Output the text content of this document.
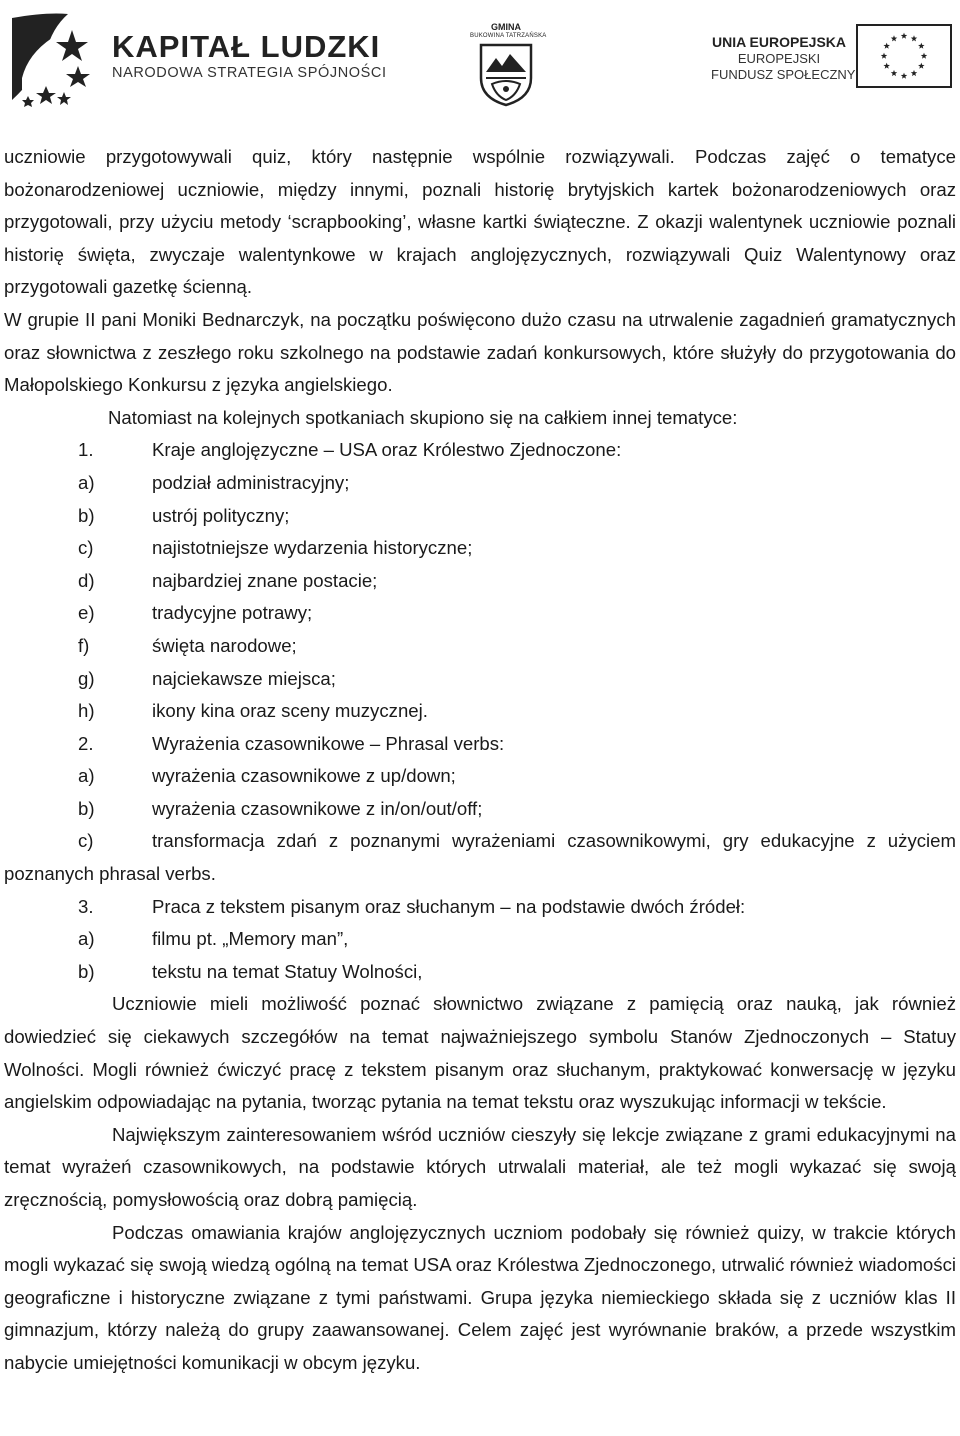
KAPITAŁ LUDZKI
NARODOWA STRATEGIA SPÓJNOŚCI
GMINA
BUKOWINA TATRZAŃSKA	UNIA EUROPEJSKA
EUROPEJSKI
FUNDUSZ SPOŁECZNY

uczniowie przygotowywali quiz, który następnie wspólnie rozwiązywali. Podczas zajęć o tematyce bożonarodzeniowej uczniowie, między innymi, poznali historię brytyjskich kartek bożonarodzeniowych oraz przygotowali, przy użyciu metody ‘scrapbooking’, własne kartki świąteczne. Z okazji walentynek uczniowie poznali historię święta, zwyczaje walentynkowe w krajach anglojęzycznych, rozwiązywali Quiz Walentynowy oraz przygotowali gazetkę ścienną.

W grupie II pani Moniki Bednarczyk, na początku poświęcono dużo czasu na utrwalenie zagadnień gramatycznych oraz słownictwa z zeszłego roku szkolnego na podstawie zadań konkursowych, które służyły do przygotowania do Małopolskiego Konkursu z języka angielskiego.

Natomiast na kolejnych spotkaniach skupiono się na całkiem innej tematyce:

1.	Kraje anglojęzyczne – USA oraz Królestwo Zjednoczone:

a)	podział administracyjny;

b)	ustrój polityczny;

c)	najistotniejsze wydarzenia historyczne;

d)	najbardziej znane postacie;

e)	tradycyjne potrawy;

f)	święta narodowe;

g)	najciekawsze miejsca;

h)	ikony kina oraz sceny muzycznej.

2.	Wyrażenia czasownikowe – Phrasal verbs:

a)	wyrażenia czasownikowe z up/down;

b)	wyrażenia czasownikowe z in/on/out/off;

c)	transformacja zdań z poznanymi wyrażeniami czasownikowymi, gry edukacyjne z użyciem poznanych phrasal verbs.

3.	Praca z tekstem pisanym oraz słuchanym – na podstawie dwóch źródeł:

a)	filmu pt. „Memory man”,

b)	tekstu na temat Statuy Wolności,

Uczniowie mieli możliwość poznać słownictwo związane z pamięcią oraz nauką, jak również dowiedzieć się ciekawych szczegółów na temat najważniejszego symbolu Stanów Zjednoczonych – Statuy Wolności. Mogli również ćwiczyć pracę z tekstem pisanym oraz słuchanym, praktykować konwersację w języku angielskim odpowiadając na pytania, tworząc pytania na temat tekstu oraz wyszukując informacji w tekście.

Największym zainteresowaniem wśród uczniów cieszyły się lekcje związane z grami edukacyjnymi na temat wyrażeń czasownikowych, na podstawie których utrwalali materiał, ale też mogli wykazać się swoją zręcznością, pomysłowością oraz dobrą pamięcią.

Podczas omawiania krajów anglojęzycznych uczniom podobały się również quizy, w trakcie których mogli wykazać się swoją wiedzą ogólną na temat USA oraz Królestwa Zjednoczonego, utrwalić również wiadomości geograficzne i historyczne związane z tymi państwami. Grupa języka niemieckiego składa się z uczniów klas II gimnazjum, którzy należą do grupy zaawansowanej. Celem zajęć jest wyrównanie braków, a przede wszystkim nabycie umiejętności komunikacji w obcym języku.
